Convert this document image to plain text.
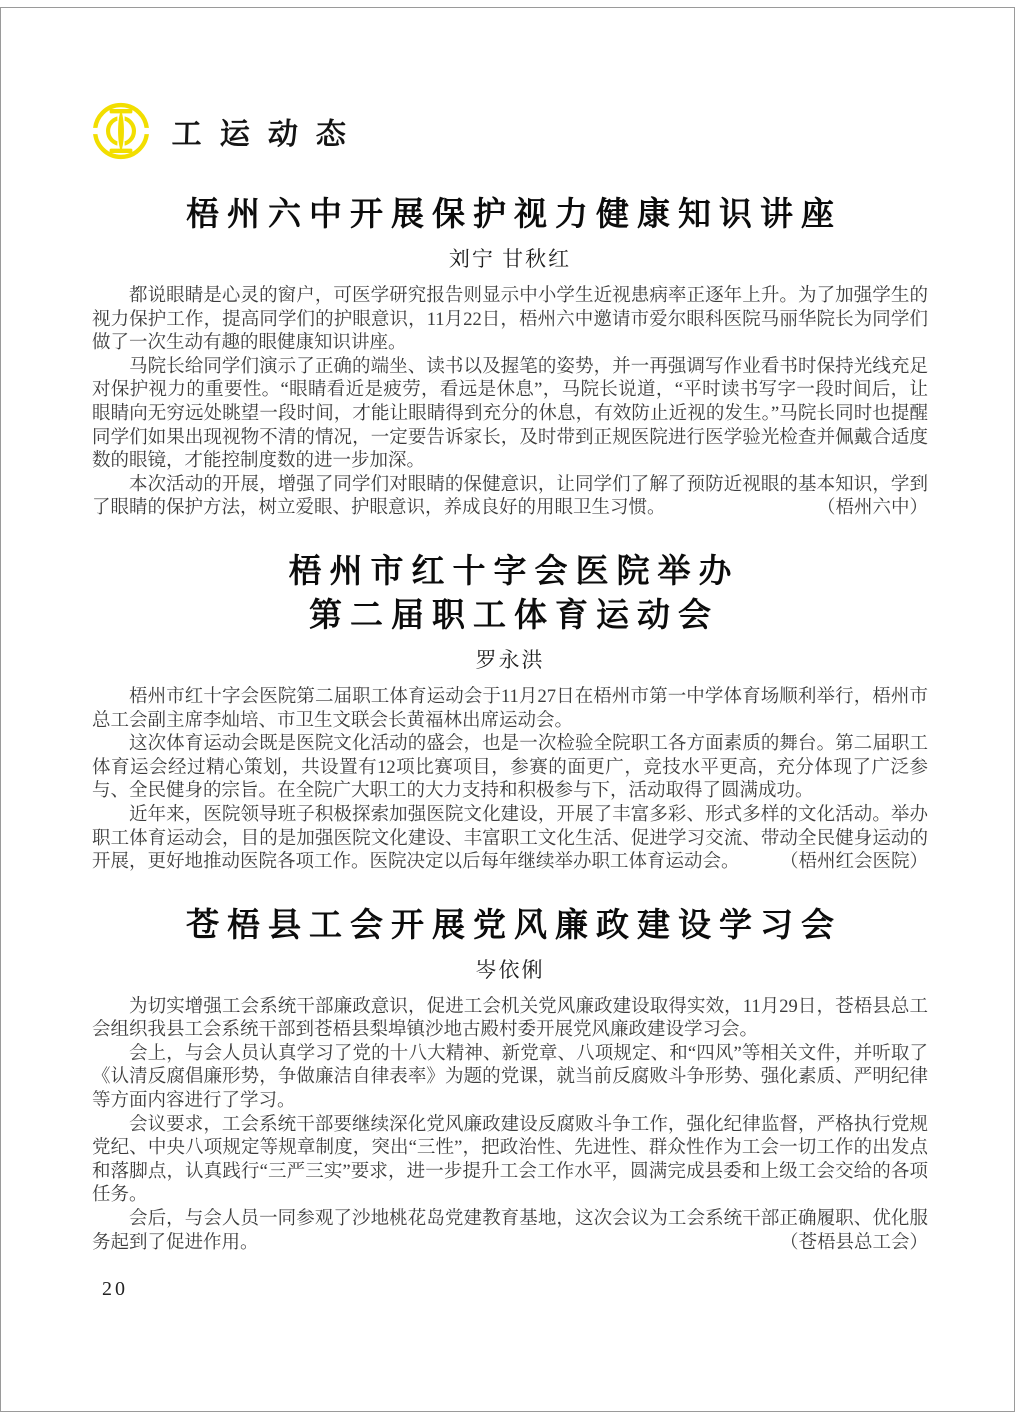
工运动态
梧州六中开展保护视力健康知识讲座
刘宁 甘秋红

都说眼睛是心灵的窗户，可医学研究报告则显示中小学生近视患病率正逐年上升。为了加强学生的视力保护工作，提高同学们的护眼意识，11月22日，梧州六中邀请市爱尔眼科医院马丽华院长为同学们做了一次生动有趣的眼健康知识讲座。

马院长给同学们演示了正确的端坐、读书以及握笔的姿势，并一再强调写作业看书时保持光线充足对保护视力的重要性。“眼睛看近是疲劳，看远是休息”，马院长说道，“平时读书写字一段时间后，让眼睛向无穷远处眺望一段时间，才能让眼睛得到充分的休息，有效防止近视的发生。”马院长同时也提醒同学们如果出现视物不清的情况，一定要告诉家长，及时带到正规医院进行医学验光检查并佩戴合适度数的眼镜，才能控制度数的进一步加深。

本次活动的开展，增强了同学们对眼睛的保健意识，让同学们了解了预防近视眼的基本知识，学到了眼睛的保护方法，树立爱眼、护眼意识，养成良好的用眼卫生习惯。	（梧州六中）

梧州市红十字会医院举办
第二届职工体育运动会
罗永洪

梧州市红十字会医院第二届职工体育运动会于11月27日在梧州市第一中学体育场顺利举行，梧州市总工会副主席李灿培、市卫生文联会长黄福林出席运动会。

这次体育运动会既是医院文化活动的盛会，也是一次检验全院职工各方面素质的舞台。第二届职工体育运会经过精心策划，共设置有12项比赛项目，参赛的面更广，竞技水平更高，充分体现了广泛参与、全民健身的宗旨。在全院广大职工的大力支持和积极参与下，活动取得了圆满成功。

近年来，医院领导班子积极探索加强医院文化建设，开展了丰富多彩、形式多样的文化活动。举办职工体育运动会，目的是加强医院文化建设、丰富职工文化生活、促进学习交流、带动全民健身运动的开展，更好地推动医院各项工作。医院决定以后每年继续举办职工体育运动会。	（梧州红会医院）

苍梧县工会开展党风廉政建设学习会
岑依俐

为切实增强工会系统干部廉政意识，促进工会机关党风廉政建设取得实效，11月29日，苍梧县总工会组织我县工会系统干部到苍梧县梨埠镇沙地古殿村委开展党风廉政建设学习会。

会上，与会人员认真学习了党的十八大精神、新党章、八项规定、和“四风”等相关文件，并听取了《认清反腐倡廉形势，争做廉洁自律表率》为题的党课，就当前反腐败斗争形势、强化素质、严明纪律等方面内容进行了学习。

会议要求，工会系统干部要继续深化党风廉政建设反腐败斗争工作，强化纪律监督，严格执行党规党纪、中央八项规定等规章制度，突出“三性”，把政治性、先进性、群众性作为工会一切工作的出发点和落脚点，认真践行“三严三实”要求，进一步提升工会工作水平，圆满完成县委和上级工会交给的各项任务。

会后，与会人员一同参观了沙地桃花岛党建教育基地，这次会议为工会系统干部正确履职、优化服务起到了促进作用。	（苍梧县总工会）

20
